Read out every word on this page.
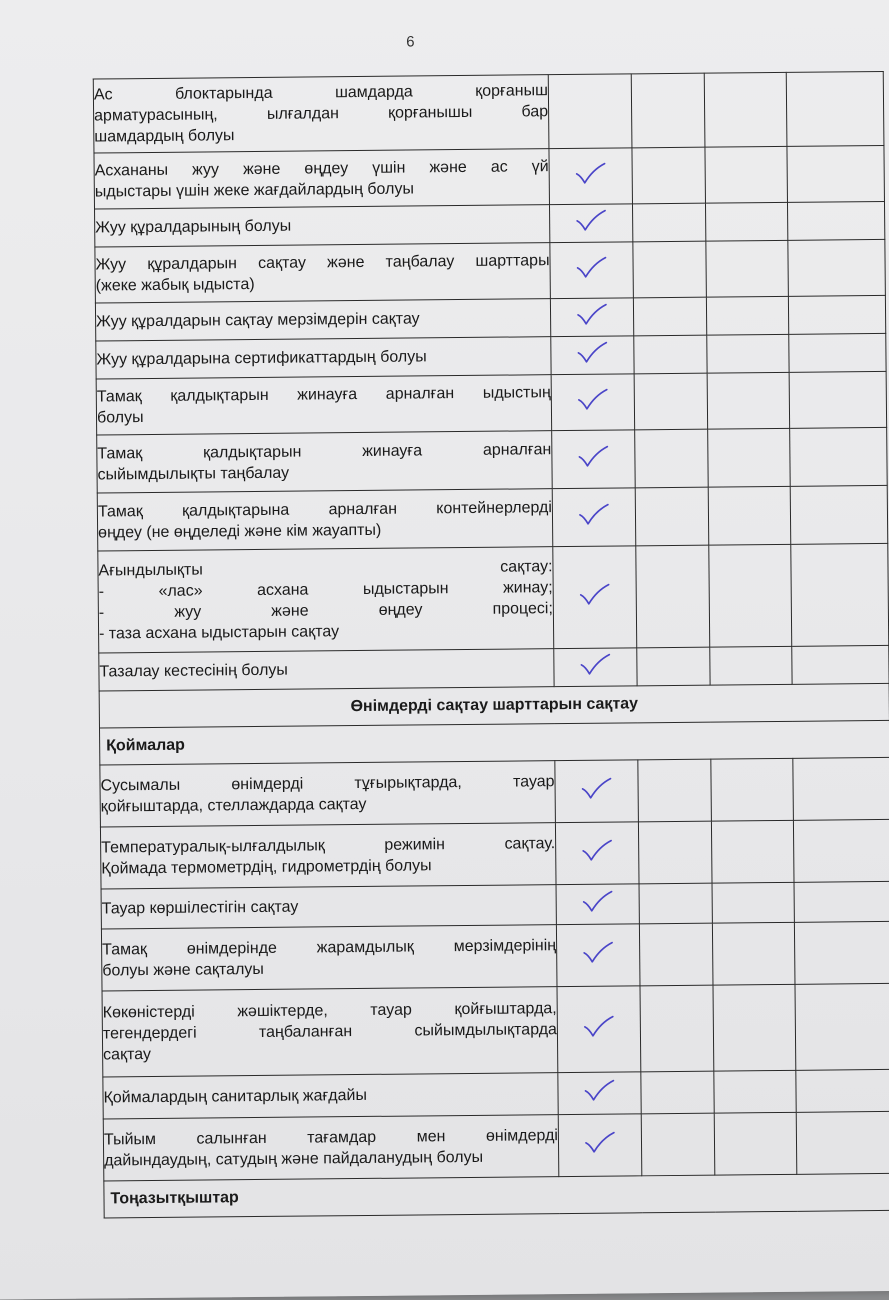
6
Ас блоктарында шамдарда қорғаныш
арматурасының, ылғалдан қорғанышы бар
шамдардың болуы				

Асхананы жуу және өңдеу үшін және ас үй
ыдыстары үшін жеке жағдайлардың болуы

Жуу құралдарының болуы

Жуу құралдарын сақтау және таңбалау шарттары
(жеке жабық ыдыста)

Жуу құралдарын сақтау мерзімдерін сақтау

Жуу құралдарына сертификаттардың болуы

Тамақ қалдықтарын жинауға арналған ыдыстың
болуы

Тамақ қалдықтарын жинауға арналған
сыйымдылықты таңбалау

Тамақ қалдықтарына арналған контейнерлерді
өңдеу (не өңделеді және кім жауапты)

Ағындылықты сақтау:
- «лас» асхана ыдыстарын жинау;
- жуу және өңдеу процесі;
- таза асхана ыдыстарын сақтау

Тазалау кестесінің болуы

Өнімдерді сақтау шарттарын сақтау				
Қоймалар				

Сусымалы өнімдерді тұғырықтарда, тауар
қойғыштарда, стеллаждарда сақтау

Температуралық-ылғалдылық режимін сақтау.
Қоймада термометрдің, гидрометрдің болуы

Тауар көршілестігін сақтау

Тамақ өнімдерінде жарамдылық мерзімдерінің
болуы және сақталуы

Көкөністерді жәшіктерде, тауар қойғыштарда,
тегендердегі таңбаланған сыйымдылықтарда
сақтау

Қоймалардың санитарлық жағдайы

Тыйым салынған тағамдар мен өнімдерді
дайындаудың, сатудың және пайдаланудың болуы

Тоңазытқыштар				
